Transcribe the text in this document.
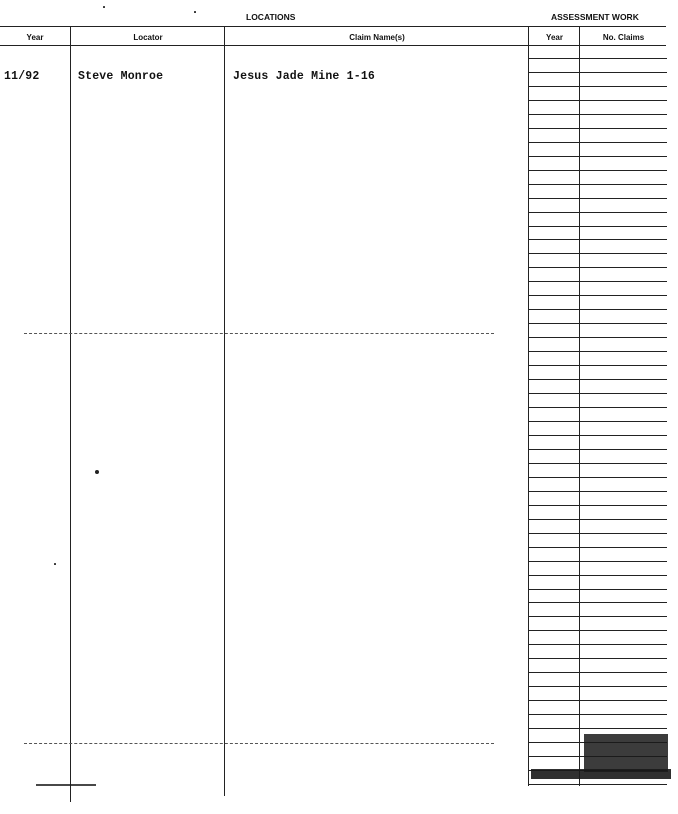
LOCATIONS	ASSESSMENT WORK
Year	Locator	Claim Name(s)	Year	No. Claims
11/92	Steve Monroe	Jesus Jade Mine 1-16
